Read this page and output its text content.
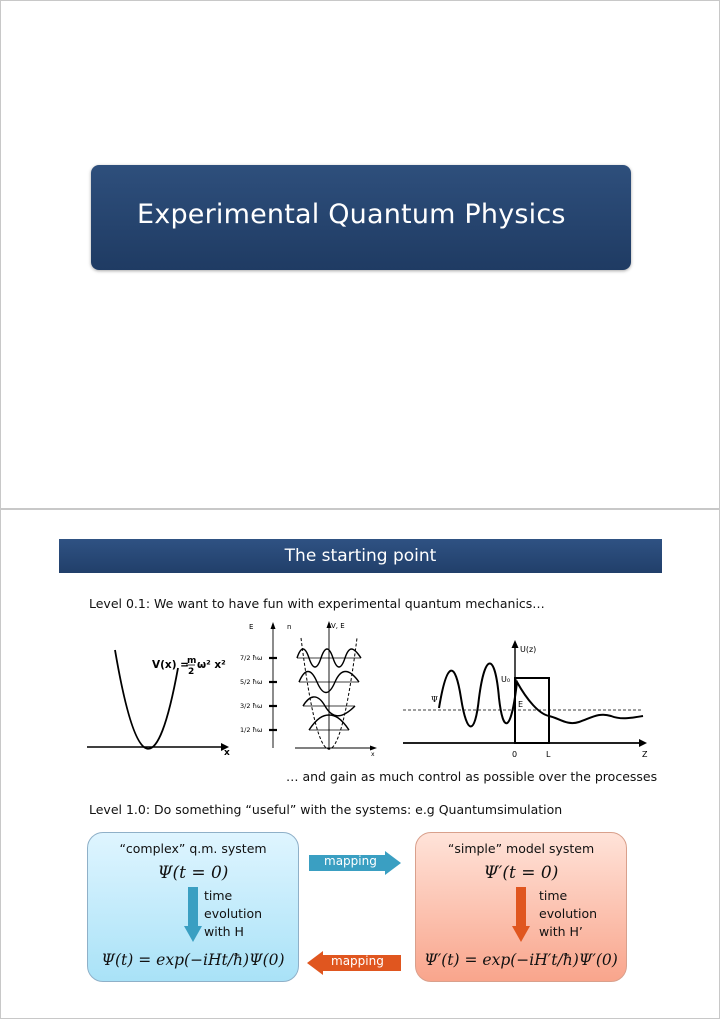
Experimental Quantum Physics
The starting point
Level 0.1: We want to have fun with experimental quantum mechanics…
V(x) =
m
2
ω² x²
x
E	n
7/2 ħω
5/2 ħω
3/2 ħω
1/2 ħω
V, E
x
U(z)
U₀
E
Ψ
0	L	Z
… and gain as much control as possible over the processes
Level 1.0: Do something “useful” with the systems: e.g Quantumsimulation
“complex” q.m. system
Ψ(t = 0)
time
evolution
with H
Ψ(t) = exp(−iHt/ħ)Ψ(0)
“simple” model system
Ψ′(t = 0)
time
evolution
with H’
Ψ′(t) = exp(−iH′t/ħ)Ψ′(0)
mapping
mapping
